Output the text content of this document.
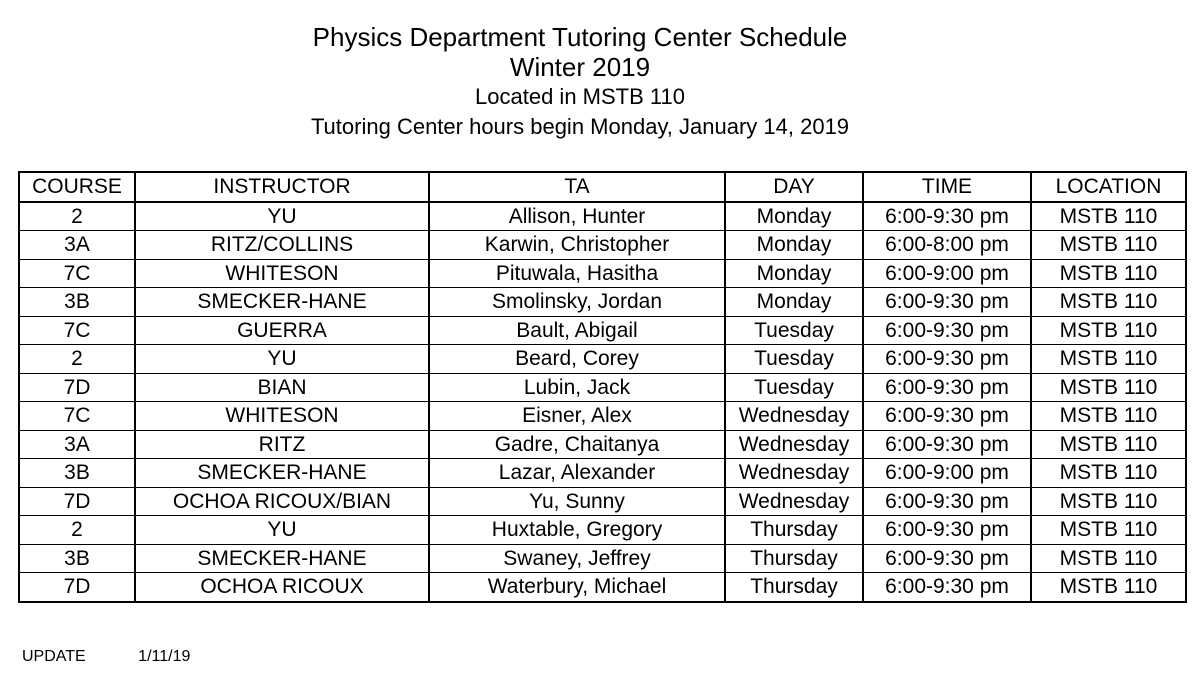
Physics Department Tutoring Center Schedule
Winter 2019
Located in MSTB 110
Tutoring Center hours begin Monday, January 14, 2019
COURSE	INSTRUCTOR	TA	DAY	TIME	LOCATION
2	YU	Allison, Hunter	Monday	6:00-9:30 pm	MSTB 110
3A	RITZ/COLLINS	Karwin, Christopher	Monday	6:00-8:00 pm	MSTB 110
7C	WHITESON	Pituwala, Hasitha	Monday	6:00-9:00 pm	MSTB 110
3B	SMECKER-HANE	Smolinsky, Jordan	Monday	6:00-9:30 pm	MSTB 110
7C	GUERRA	Bault, Abigail	Tuesday	6:00-9:30 pm	MSTB 110
2	YU	Beard, Corey	Tuesday	6:00-9:30 pm	MSTB 110
7D	BIAN	Lubin, Jack	Tuesday	6:00-9:30 pm	MSTB 110
7C	WHITESON	Eisner, Alex	Wednesday	6:00-9:30 pm	MSTB 110
3A	RITZ	Gadre, Chaitanya	Wednesday	6:00-9:30 pm	MSTB 110
3B	SMECKER-HANE	Lazar, Alexander	Wednesday	6:00-9:00 pm	MSTB 110
7D	OCHOA RICOUX/BIAN	Yu, Sunny	Wednesday	6:00-9:30 pm	MSTB 110
2	YU	Huxtable, Gregory	Thursday	6:00-9:30 pm	MSTB 110
3B	SMECKER-HANE	Swaney, Jeffrey	Thursday	6:00-9:30 pm	MSTB 110
7D	OCHOA RICOUX	Waterbury, Michael	Thursday	6:00-9:30 pm	MSTB 110
UPDATE	1/11/19
